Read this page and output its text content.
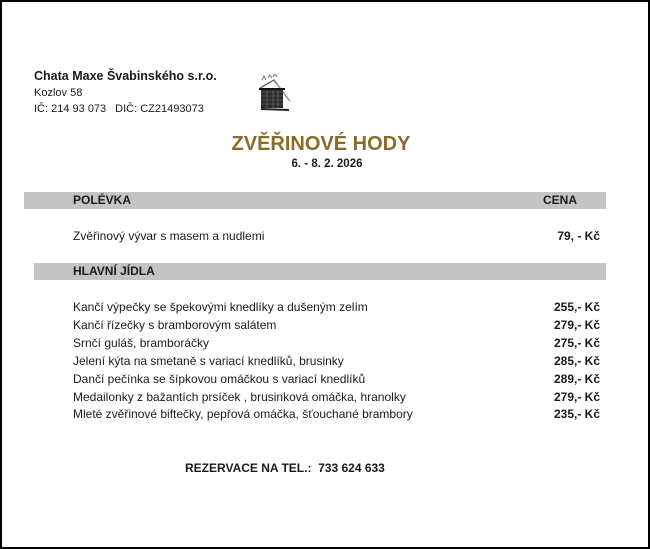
Chata Maxe Švabinského s.r.o.
Kozlov 58
IČ: 214 93 073 DIČ: CZ21493073
ZVĚŘINOVÉ HODY
6. - 8. 2. 2026
POLÉVKA	CENA
Zvěřinový vývar s masem a nudlemi	79, - Kč
HLAVNÍ JÍDLA
Kančí výpečky se špekovými knedlíky a dušeným zelím	255,- Kč
Kančí řízečky s bramborovým salátem	279,- Kč
Srnčí guláš, bramboráčky	275,- Kč
Jelení kýta na smetaně s variací knedlíků, brusinky	285,- Kč
Dančí pečínka se šípkovou omáčkou s variací knedlíků	289,- Kč
Medailonky z bažantích prsíček , brusinková omáčka, hranolky	279,- Kč
Mleté zvěřinové biftečky, pepřová omáčka, šťouchané brambory	235,- Kč
REZERVACE NA TEL.: 733 624 633
